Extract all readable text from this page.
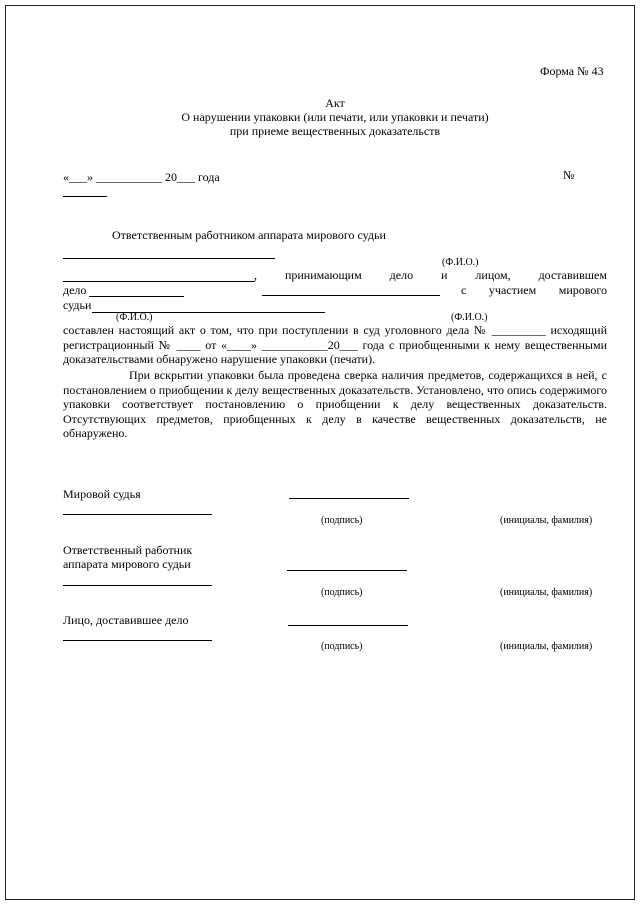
Форма № 43
Акт
О нарушении упаковки (или печати, или упаковки и печати)
при приеме вещественных доказательств
«___» ___________ 20___ года	№
Ответственным работником аппарата мирового судьи
(Ф.И.О.)
, принимающим дело и лицом, доставившем
дело	с участием мирового
судьи
(Ф.И.О.)	(Ф.И.О.)
составлен настоящий акт о том, что при поступлении в суд уголовного дела № _________ исходящий регистрационный № ____ от «____» ___________20___ года с приобщенными к нему вещественными доказательствами обнаружено нарушение упаковки (печати).
При вскрытии упаковки была проведена сверка наличия предметов, содержащихся в ней, с постановлением о приобщении к делу вещественных доказательств. Установлено, что опись содержимого упаковки соответствует постановлению о приобщении к делу вещественных доказательств. Отсутствующих предметов, приобщенных к делу в качестве вещественных доказательств, не обнаружено.
Мировой судья
(подпись)	(инициалы, фамилия)
Ответственный работник
аппарата мирового судьи
(подпись)	(инициалы, фамилия)
Лицо, доставившее дело
(подпись)	(инициалы, фамилия)
